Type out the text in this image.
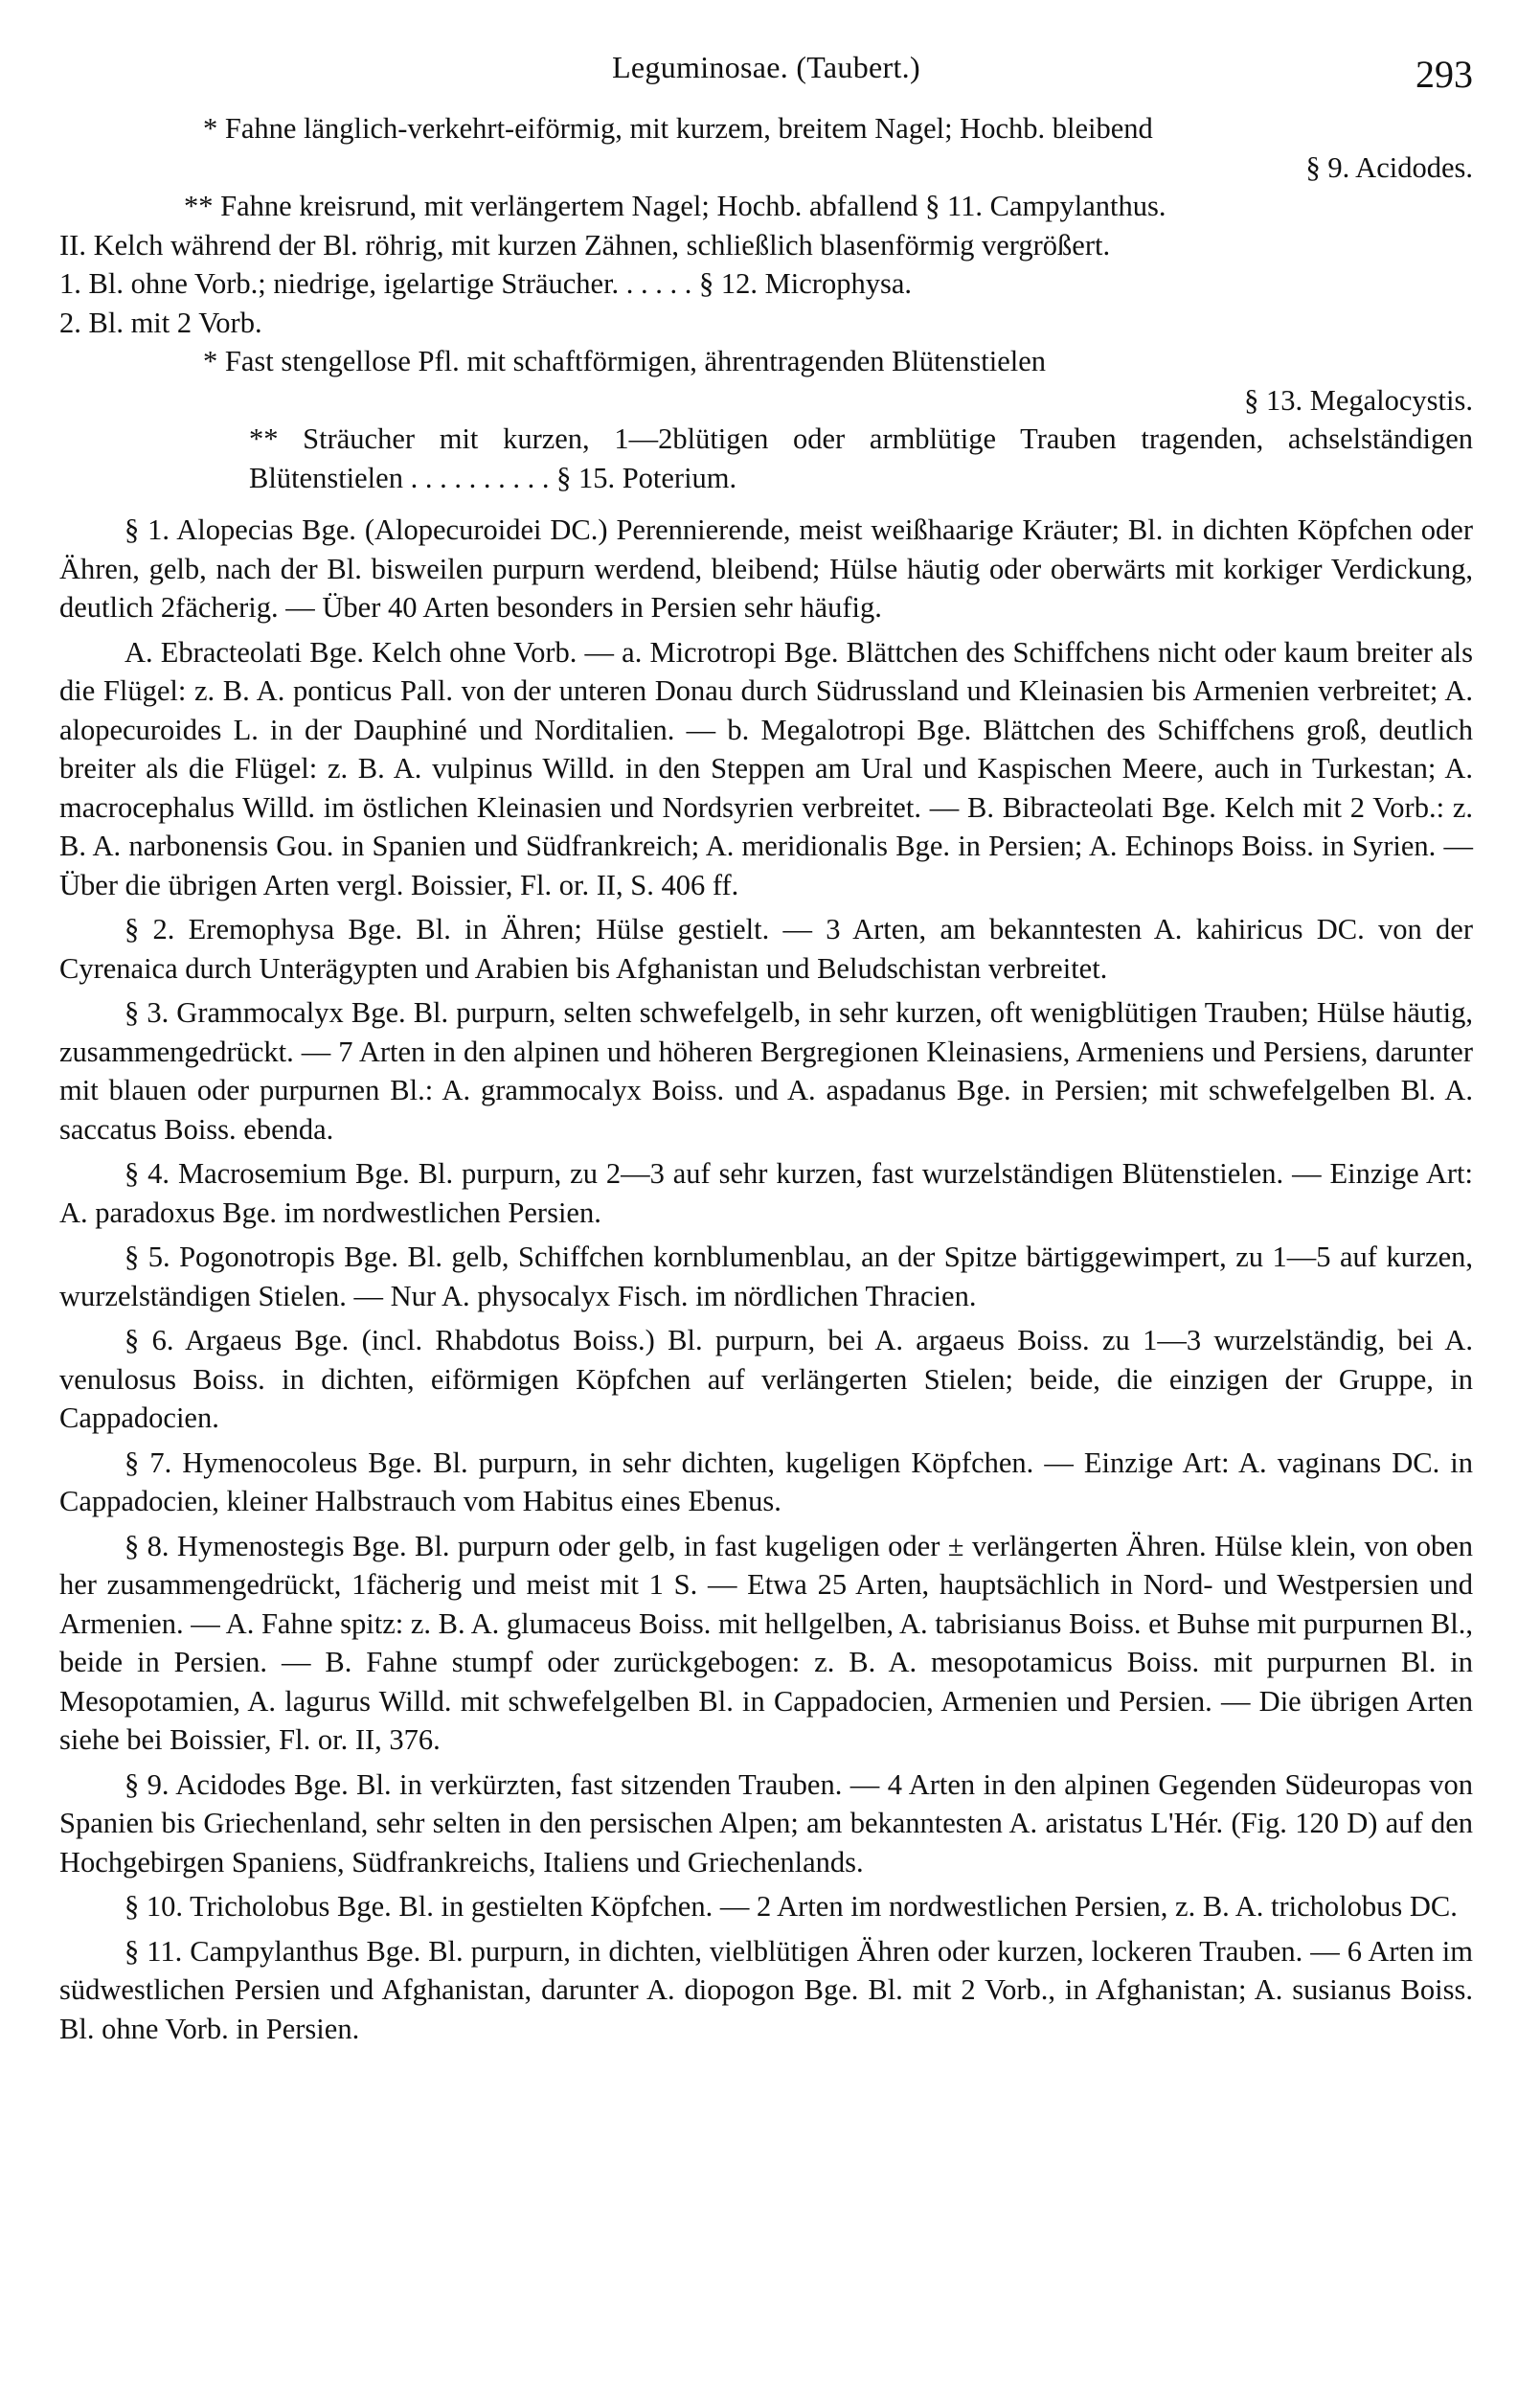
Leguminosae. (Taubert.)	293

* Fahne länglich-verkehrt-eiförmig, mit kurzem, breitem Nagel; Hochb. bleibend
§ 9. Acidodes.

** Fahne kreisrund, mit verlängertem Nagel; Hochb. abfallend § 11. Campylanthus.

II. Kelch während der Bl. röhrig, mit kurzen Zähnen, schließlich blasenförmig vergrößert.

1. Bl. ohne Vorb.; niedrige, igelartige Sträucher. . . . . . § 12. Microphysa.

2. Bl. mit 2 Vorb.

* Fast stengellose Pfl. mit schaftförmigen, ährentragenden Blütenstielen
§ 13. Megalocystis.

** Sträucher mit kurzen, 1—2blütigen oder armblütige Trauben tragenden, achselständigen Blütenstielen . . . . . . . . . . § 15. Poterium.

§ 1. Alopecias Bge. (Alopecuroidei DC.) Perennierende, meist weißhaarige Kräuter; Bl. in dichten Köpfchen oder Ähren, gelb, nach der Bl. bisweilen purpurn werdend, bleibend; Hülse häutig oder oberwärts mit korkiger Verdickung, deutlich 2fächerig. — Über 40 Arten besonders in Persien sehr häufig.

A. Ebracteolati Bge. Kelch ohne Vorb. — a. Microtropi Bge. Blättchen des Schiffchens nicht oder kaum breiter als die Flügel: z. B. A. ponticus Pall. von der unteren Donau durch Südrussland und Kleinasien bis Armenien verbreitet; A. alopecuroides L. in der Dauphiné und Norditalien. — b. Megalotropi Bge. Blättchen des Schiffchens groß, deutlich breiter als die Flügel: z. B. A. vulpinus Willd. in den Steppen am Ural und Kaspischen Meere, auch in Turkestan; A. macrocephalus Willd. im östlichen Kleinasien und Nordsyrien verbreitet. — B. Bibracteolati Bge. Kelch mit 2 Vorb.: z. B. A. narbonensis Gou. in Spanien und Südfrankreich; A. meridionalis Bge. in Persien; A. Echinops Boiss. in Syrien. — Über die übrigen Arten vergl. Boissier, Fl. or. II, S. 406 ff.

§ 2. Eremophysa Bge. Bl. in Ähren; Hülse gestielt. — 3 Arten, am bekanntesten A. kahiricus DC. von der Cyrenaica durch Unterägypten und Arabien bis Afghanistan und Beludschistan verbreitet.

§ 3. Grammocalyx Bge. Bl. purpurn, selten schwefelgelb, in sehr kurzen, oft wenigblütigen Trauben; Hülse häutig, zusammengedrückt. — 7 Arten in den alpinen und höheren Bergregionen Kleinasiens, Armeniens und Persiens, darunter mit blauen oder purpurnen Bl.: A. grammocalyx Boiss. und A. aspadanus Bge. in Persien; mit schwefelgelben Bl. A. saccatus Boiss. ebenda.

§ 4. Macrosemium Bge. Bl. purpurn, zu 2—3 auf sehr kurzen, fast wurzelständigen Blütenstielen. — Einzige Art: A. paradoxus Bge. im nordwestlichen Persien.

§ 5. Pogonotropis Bge. Bl. gelb, Schiffchen kornblumenblau, an der Spitze bärtiggewimpert, zu 1—5 auf kurzen, wurzelständigen Stielen. — Nur A. physocalyx Fisch. im nördlichen Thracien.

§ 6. Argaeus Bge. (incl. Rhabdotus Boiss.) Bl. purpurn, bei A. argaeus Boiss. zu 1—3 wurzelständig, bei A. venulosus Boiss. in dichten, eiförmigen Köpfchen auf verlängerten Stielen; beide, die einzigen der Gruppe, in Cappadocien.

§ 7. Hymenocoleus Bge. Bl. purpurn, in sehr dichten, kugeligen Köpfchen. — Einzige Art: A. vaginans DC. in Cappadocien, kleiner Halbstrauch vom Habitus eines Ebenus.

§ 8. Hymenostegis Bge. Bl. purpurn oder gelb, in fast kugeligen oder ± verlängerten Ähren. Hülse klein, von oben her zusammengedrückt, 1fächerig und meist mit 1 S. — Etwa 25 Arten, hauptsächlich in Nord- und Westpersien und Armenien. — A. Fahne spitz: z. B. A. glumaceus Boiss. mit hellgelben, A. tabrisianus Boiss. et Buhse mit purpurnen Bl., beide in Persien. — B. Fahne stumpf oder zurückgebogen: z. B. A. mesopotamicus Boiss. mit purpurnen Bl. in Mesopotamien, A. lagurus Willd. mit schwefelgelben Bl. in Cappadocien, Armenien und Persien. — Die übrigen Arten siehe bei Boissier, Fl. or. II, 376.

§ 9. Acidodes Bge. Bl. in verkürzten, fast sitzenden Trauben. — 4 Arten in den alpinen Gegenden Südeuropas von Spanien bis Griechenland, sehr selten in den persischen Alpen; am bekanntesten A. aristatus L'Hér. (Fig. 120 D) auf den Hochgebirgen Spaniens, Südfrankreichs, Italiens und Griechenlands.

§ 10. Tricholobus Bge. Bl. in gestielten Köpfchen. — 2 Arten im nordwestlichen Persien, z. B. A. tricholobus DC.

§ 11. Campylanthus Bge. Bl. purpurn, in dichten, vielblütigen Ähren oder kurzen, lockeren Trauben. — 6 Arten im südwestlichen Persien und Afghanistan, darunter A. diopogon Bge. Bl. mit 2 Vorb., in Afghanistan; A. susianus Boiss. Bl. ohne Vorb. in Persien.
